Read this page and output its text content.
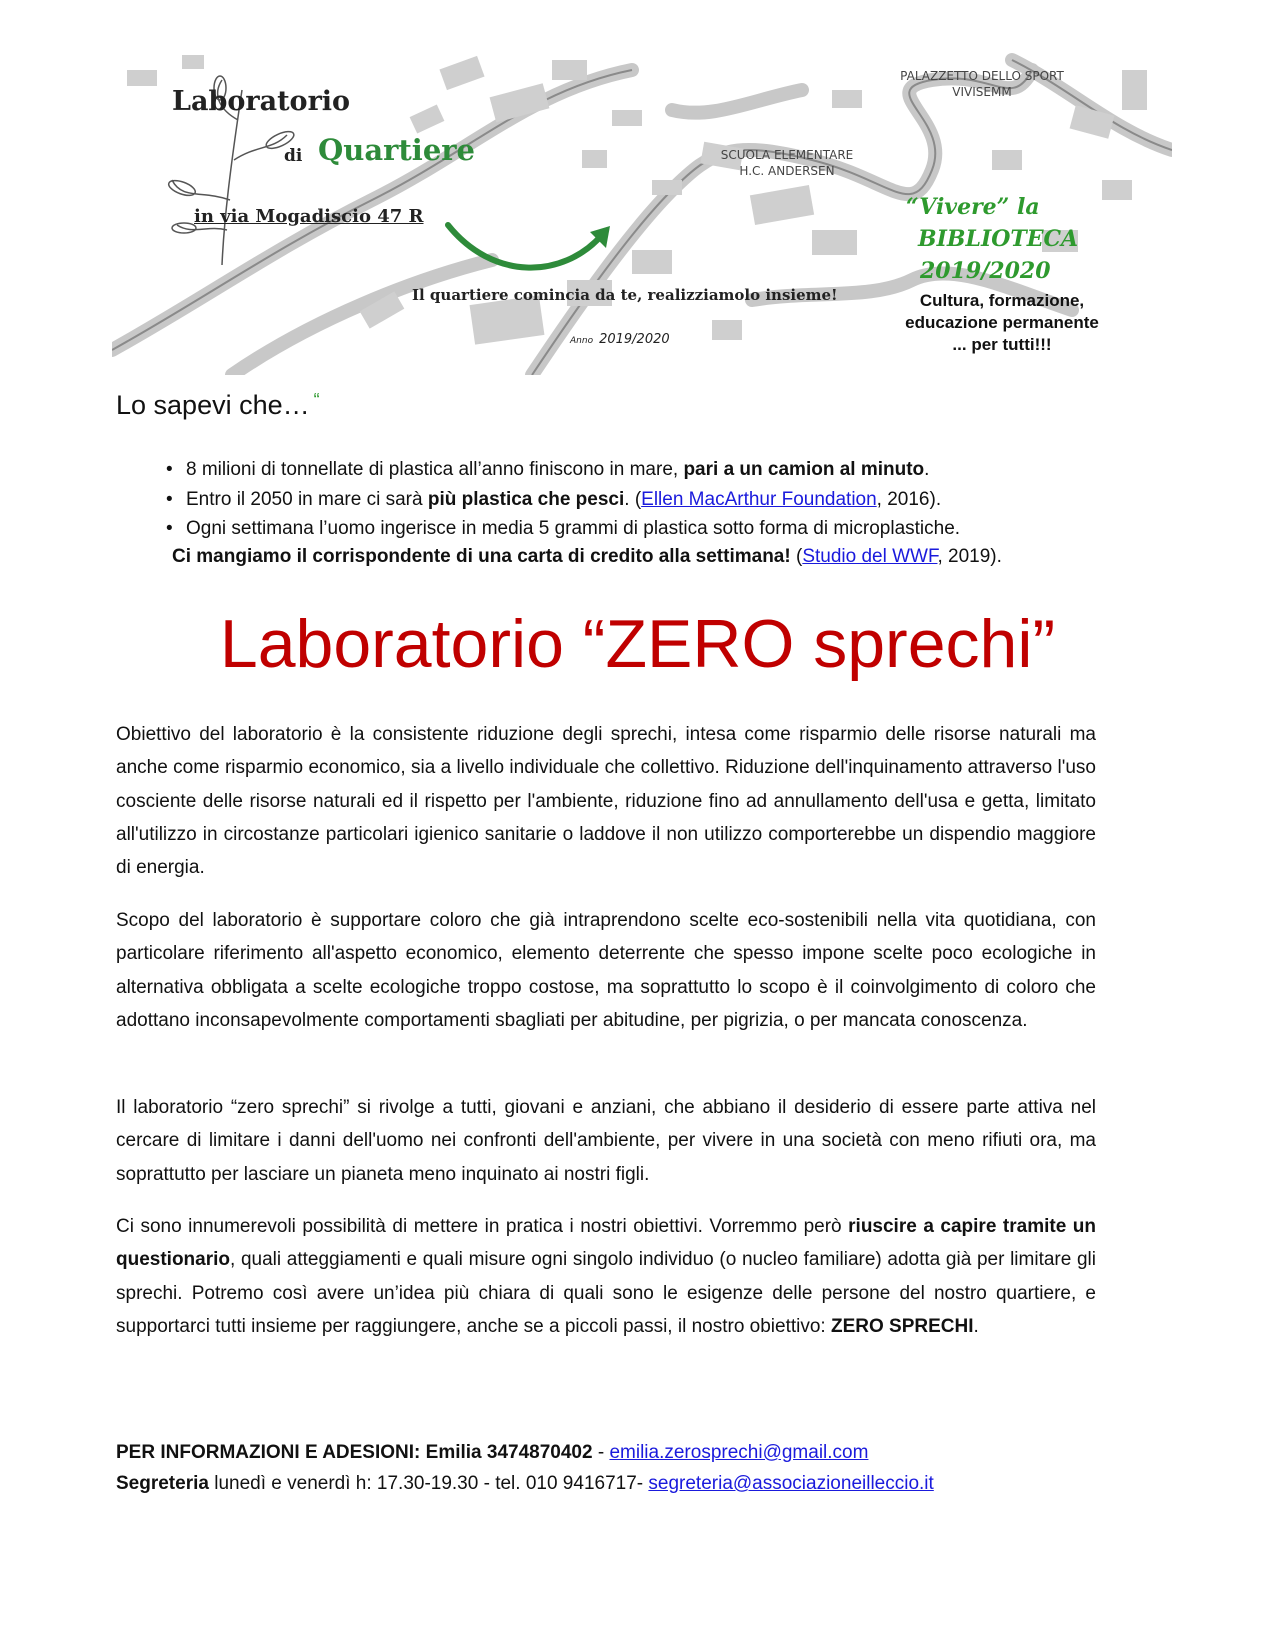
Laboratorio
di Quartiere
in via Mogadiscio 47 R
Il quartiere comincia da te, realizziamolo insieme!
Anno 2019/2020
PALAZZETTO DELLO SPORT
VIVISEMM
SCUOLA ELEMENTARE
H.C. ANDERSEN
“Vivere” la
BIBLIOTECA
2019/2020
Cultura, formazione,
educazione permanente
... per tutti!!!
Lo sapevi che… “
• 8 milioni di tonnellate di plastica all’anno finiscono in mare, pari a un camion al minuto.
• Entro il 2050 in mare ci sarà più plastica che pesci. (Ellen MacArthur Foundation, 2016).
• Ogni settimana l’uomo ingerisce in media 5 grammi di plastica sotto forma di microplastiche.
Ci mangiamo il corrispondente di una carta di credito alla settimana! (Studio del WWF, 2019).
Laboratorio “ZERO sprechi”

Obiettivo del laboratorio è la consistente riduzione degli sprechi, intesa come risparmio delle risorse naturali ma anche come risparmio economico, sia a livello individuale che collettivo. Riduzione dell'inquinamento attraverso l'uso cosciente delle risorse naturali ed il rispetto per l'ambiente, riduzione fino ad annullamento dell'usa e getta, limitato all'utilizzo in circostanze particolari igienico sanitarie o laddove il non utilizzo comporterebbe un dispendio maggiore di energia.

Scopo del laboratorio è supportare coloro che già intraprendono scelte eco-sostenibili nella vita quotidiana, con particolare riferimento all'aspetto economico, elemento deterrente che spesso impone scelte poco ecologiche in alternativa obbligata a scelte ecologiche troppo costose, ma soprattutto lo scopo è il coinvolgimento di coloro che adottano inconsapevolmente comportamenti sbagliati per abitudine, per pigrizia, o per mancata conoscenza.

Il laboratorio “zero sprechi” si rivolge a tutti, giovani e anziani, che abbiano il desiderio di essere parte attiva nel cercare di limitare i danni dell'uomo nei confronti dell'ambiente, per vivere in una società con meno rifiuti ora, ma soprattutto per lasciare un pianeta meno inquinato ai nostri figli.

Ci sono innumerevoli possibilità di mettere in pratica i nostri obiettivi. Vorremmo però riuscire a capire tramite un questionario, quali atteggiamenti e quali misure ogni singolo individuo (o nucleo familiare) adotta già per limitare gli sprechi. Potremo così avere un’idea più chiara di quali sono le esigenze delle persone del nostro quartiere, e supportarci tutti insieme per raggiungere, anche se a piccoli passi, il nostro obiettivo: ZERO SPRECHI.

PER INFORMAZIONI E ADESIONI: Emilia 3474870402 - emilia.zerosprechi@gmail.com
Segreteria lunedì e venerdì h: 17.30-19.30 - tel. 010 9416717- segreteria@associazioneilleccio.it
